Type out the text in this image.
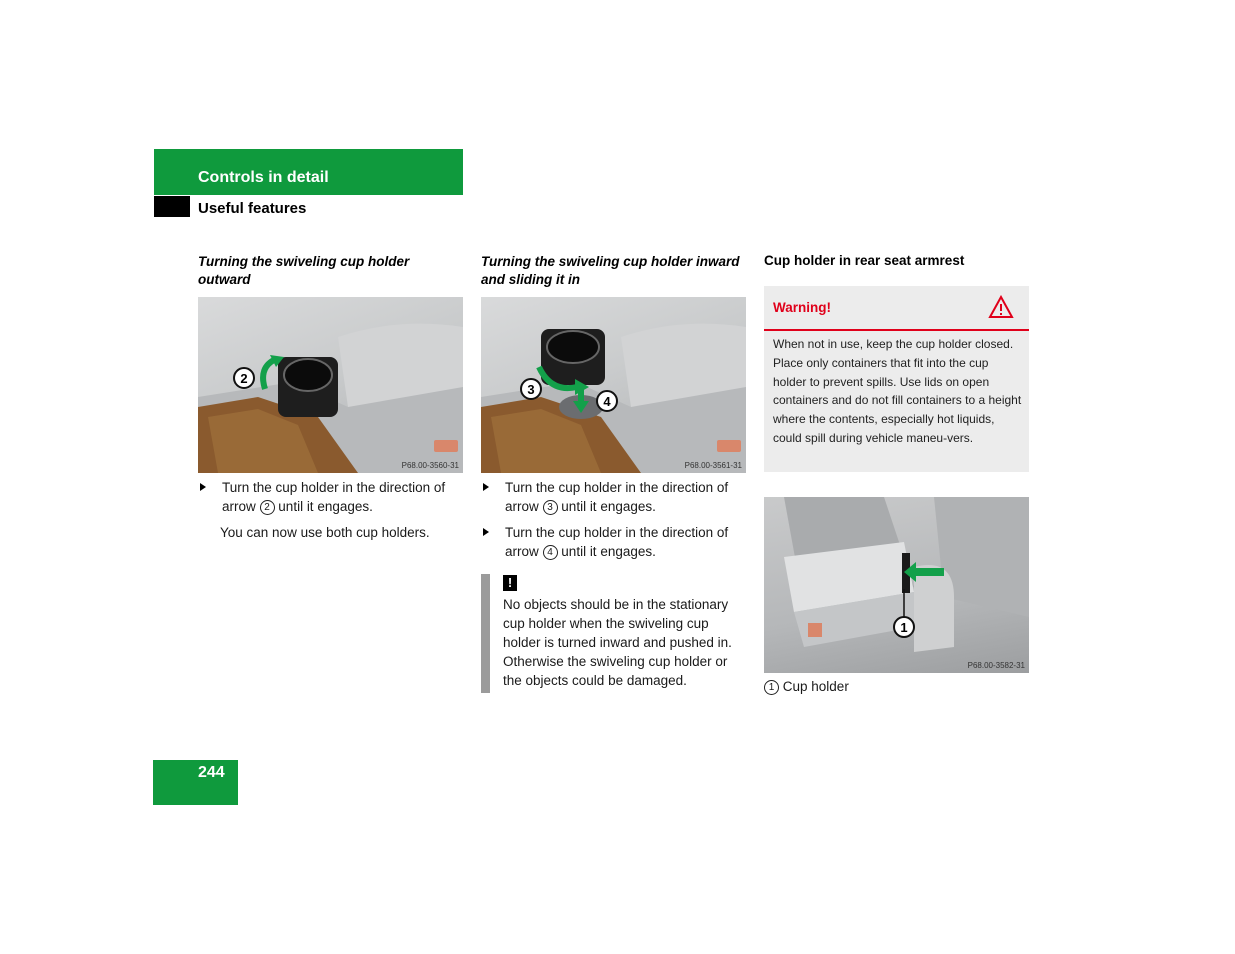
Controls in detail
Useful features
Turning the swiveling cup holder outward
2
P68.00-3560-31
Turn the cup holder in the direction of arrow 2 until it engages.
You can now use both cup holders.
Turning the swiveling cup holder inward and sliding it in
3
4
P68.00-3561-31
Turn the cup holder in the direction of arrow 3 until it engages.
Turn the cup holder in the direction of arrow 4 until it engages.
!
No objects should be in the stationary cup holder when the swiveling cup holder is turned inward and pushed in. Otherwise the swiveling cup holder or the objects could be damaged.
Cup holder in rear seat armrest
Warning!
When not in use, keep the cup holder closed. Place only containers that fit into the cup holder to prevent spills. Use lids on open containers and do not fill containers to a height where the contents, especially hot liquids, could spill during vehicle maneu-vers.
1
P68.00-3582-31
1 Cup holder
244
